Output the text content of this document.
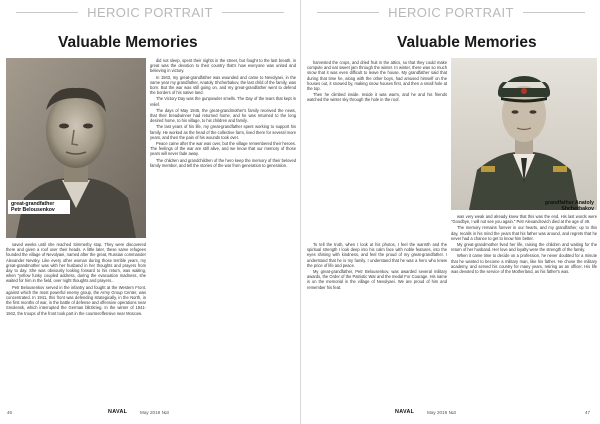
HEROIC PORTRAIT
Valuable Memories
great-grandfather
Petr Belousenkov

saved weeks until she reached Simmerby stop. They were discovered there and given a roof over their heads. A little later, these same refugees founded the village of Nevolyaei, named after the great, Russian commander Alexander Nevsky. Like every other woman during those terrible years, my great-grandmother was with her husband in her thoughts and prayers from day to day. She was obviously looking forward to his return, was waiting, when "yellow funky coupled address, during the evacuation madness, she waited for him in the field, over night thoughts and prayers...

Petr Belousenkov served in the infantry and fought at the Western Front, against which the most powerful enemy group, the Army Group Center, was concentrated. In 1941, this front was defending strategically, in the North, in the first months of war, in the battle of defense and offensive operations near Smolensk, which interrupted the German blitzkrieg. In the winter of 1941-1942, the troops of the front took part in the counteroffensive near Moscow.

did not sleep, spent their nights in the street, but fought to the last breath, in great was the devotion to their country that's how everyone was united and believing in victory.

In 1943, my great-grandfather was wounded and came to Nevolyaei, in the same year my grandfather, Anatoly Shcherbakov, the last child of the family, was born. But the war was still going on, and my great-grandfather went to defend the borders of his native land.

The Victory Day was the gunpowder smells. The Day of the tears that kept in relief.

The days of May 1945, the great-grandmother's family received the news, that their breadwinner had returned home, and he was returned to the long desired home, to his village, to his children and family.

The last years of his life, my great-grandfather spent working to support his family. He worked as the head of the collective farm, lived there for several more years, and then the pain of his wounds took over.

Peace came after the war was over, but the village remembered their heroes. The feelings of the war are still alive, and we know that our memory of those years will never fade away.

The children and grandchildren of the hero keep the memory of their beloved family member, and tell the stories of the war from generation to generation.

46	NAVAL	May 2019 №3
HEROIC PORTRAIT
Valuable Memories

harvested the crops, and dried fruit in the attics, so that they could make compote and eat sweet jam through the winter. In winter, there was so much snow that it was even difficult to leave the house. My grandfather said that during that time he, along with the other boys, had amused himself on the houses out, it snowed by, making snow houses first, and then a small hole at the top.

Then he climbed inside. Inside it was warm, and he and his friends watched the winter sky through the hole in the roof.

grandfather Anatoly Shcherbakov

To tell the truth, when I look at his photos, I feel the warmth and the spiritual strength I look deep into his calm face with noble features, into the eyes shining with kindness, and feel the proud of my great-grandfather. I understand that he is my family. I understand that he was a hero who knew the price of life and peace.

My great-grandfather, Petr Belousenkov, was awarded several military awards, the Order of the Patriotic War and the medal For Courage. His name is on the memorial in the village of Nevolyaei. We are proud of him and remember his feat.

was very weak and already knew that this was the end. His last words were "Goodbye, I will not see you again." Petr Alexandrovich died at the age of 49.

The memory remains forever in our hearts, and my grandfather, up to this day, recalls in his mind the years that his father was around, and regrets that he never had a chance to get to know him better.

My great-grandmother lived her life, raising the children and waiting for the return of her husband. Her love and loyalty were the strength of the family.

When it came time to decide on a profession, he never doubted for a minute that he wanted to become a military man, like his father. He chose the military academy, and served his country for many years, retiring as an officer. His life was devoted to the service of the Motherland, as his father's was.

NAVAL	May 2019 №3	47
